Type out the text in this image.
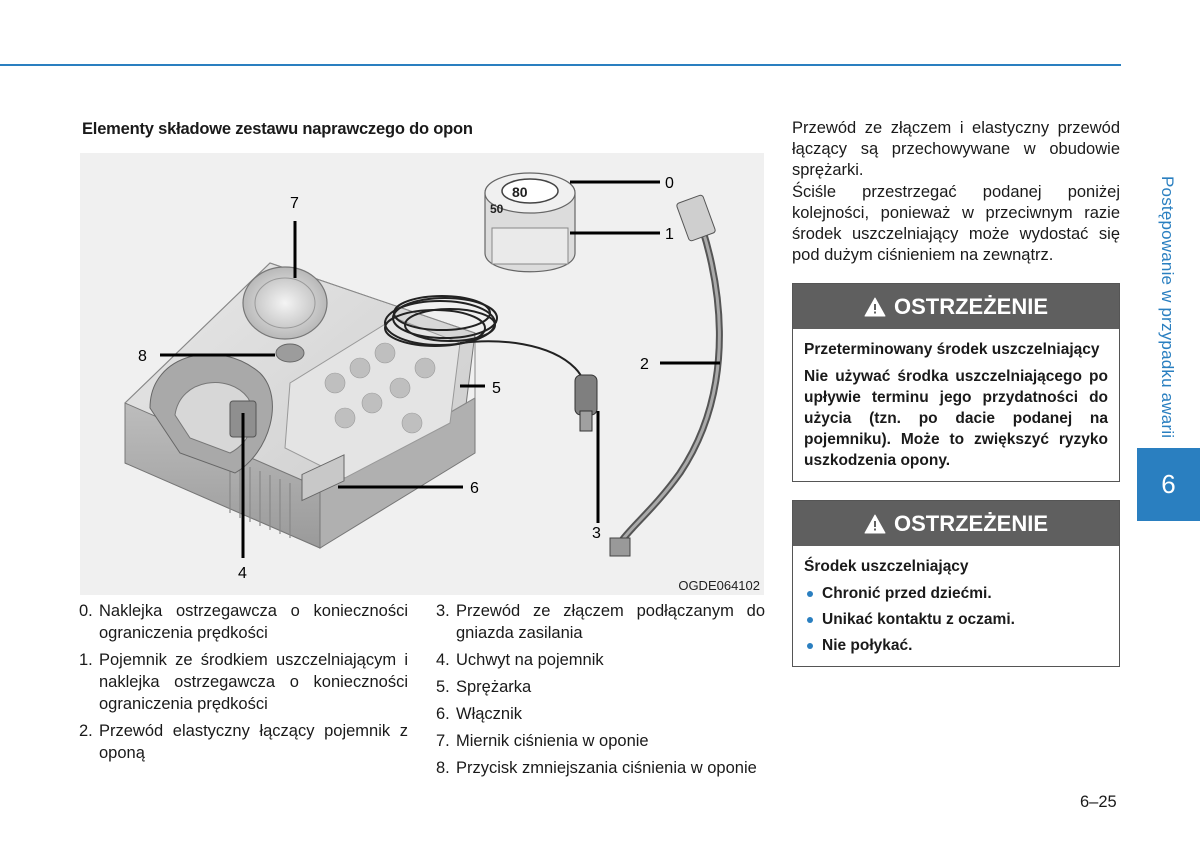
Postępowanie w przypadku awarii
6
Elementy składowe zestawu naprawczego do opon
80
50
0
1
2
3
4
5
6
7
8
OGDE064102
0. Naklejka ostrzegawcza o konieczności ograniczenia prędkości
1. Pojemnik ze środkiem uszczelniającym i naklejka ostrzegawcza o konieczności ograniczenia prędkości
2. Przewód elastyczny łączący pojemnik z oponą
3. Przewód ze złączem podłączanym do gniazda zasilania
4. Uchwyt na pojemnik
5. Sprężarka
6. Włącznik
7. Miernik ciśnienia w oponie
8. Przycisk zmniejszania ciśnienia w oponie
Przewód ze złączem i elastyczny przewód łączący są przechowywane w obudowie sprężarki.
Ściśle przestrzegać podanej poniżej kolejności, ponieważ w przeciwnym razie środek uszczelniający może wydostać się pod dużym ciśnieniem na zewnątrz.
OSTRZEŻENIE
Przeterminowany środek uszczelniający
Nie używać środka uszczelniającego po upływie terminu jego przydatności do użycia (tzn. po dacie podanej na pojemniku). Może to zwiększyć ryzyko uszkodzenia opony.
OSTRZEŻENIE
Środek uszczelniający
Chronić przed dziećmi.
Unikać kontaktu z oczami.
Nie połykać.
6–25
